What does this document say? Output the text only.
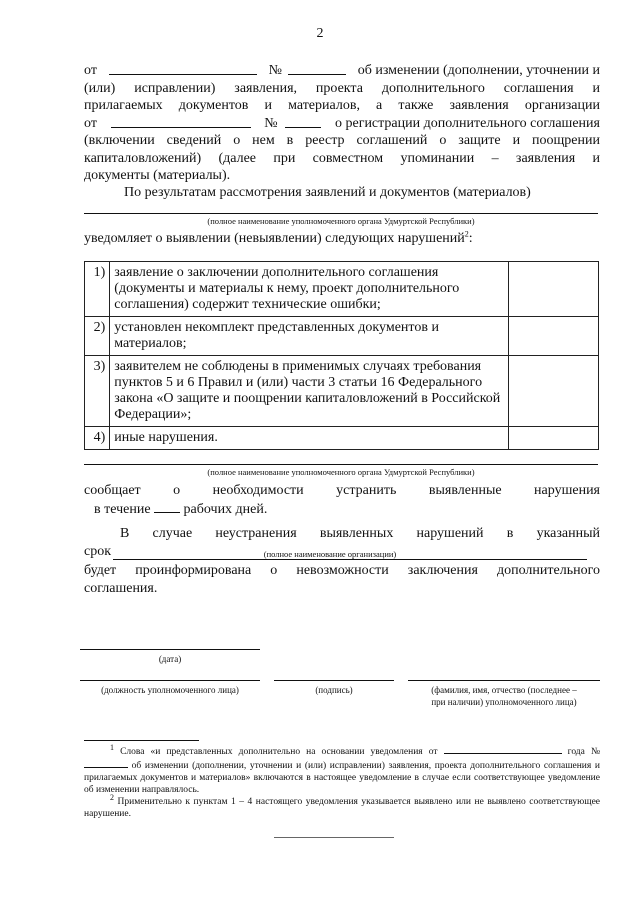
2
от	№	об изменении (дополнении, уточнении и
(или) исправлении) заявления, проекта дополнительного соглашения и
прилагаемых документов и материалов, а также заявления организации
от	№	о регистрации дополнительного соглашения
(включении сведений о нем в реестр соглашений о защите и поощрении
капиталовложений) (далее при совместном упоминании – заявления и
документы (материалы).
По результатам рассмотрения заявлений и документов (материалов)
(полное наименование уполномоченного органа Удмуртской Республики)
уведомляет о выявлении (невыявлении) следующих нарушений$^2$:
1)	заявление о заключении дополнительного соглашения (документы и материалы к нему, проект дополнительного соглашения) содержит технические ошибки;	
2)	установлен некомплект представленных документов и материалов;	
3)	заявителем не соблюдены в применимых случаях требования пунктов 5 и 6 Правил и (или) части 3 статьи 16 Федерального закона «О защите и поощрении капиталовложений в Российской Федерации»;	
4)	иные нарушения.	
(полное наименование уполномоченного органа Удмуртской Республики)
сообщает о необходимости устранить выявленные нарушения
в течение рабочих дней.
В случае неустранения выявленных нарушений в указанный
срок	(полное наименование организации)
будет проинформирована о невозможности заключения дополнительного
соглашения.
(дата)
(должность уполномоченного лица)	(подпись)	(фамилия, имя, отчество (последнее –
при наличии) уполномоченного лица)

$^1$ Слова «и представленных дополнительно на основании уведомления от	года №  об изменении (дополнении, уточнении и (или) исправлении) заявления, проекта дополнительного соглашения и прилагаемых документов и материалов» включаются в настоящее уведомление в случае если соответствующее уведомление об изменении направлялось.

$^2$ Применительно к пунктам 1 – 4 настоящего уведомления указывается выявлено или не выявлено соответствующее нарушение.
